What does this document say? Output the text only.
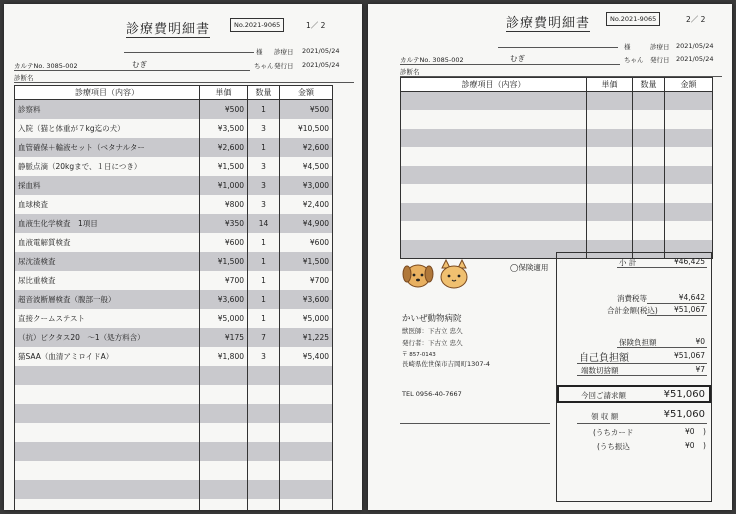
診療費明細書	No.2021-9065	1／ 2
様 診療日 2021/05/24
カルテNo. 3085-002	むぎ	ちゃん 発行日 2021/05/24
診断名
診療項目（内容）	単価	数量	金額
診察料	¥500	1	¥500
入院（猫と体重が７kg迄の犬）	¥3,500	3	¥10,500
血管確保＋輸液セット（ベタナルター	¥2,600	1	¥2,600
静脈点滴（20kgまで、１日につき）	¥1,500	3	¥4,500
採血料	¥1,000	3	¥3,000
血球検査	¥800	3	¥2,400
血液生化学検査　1項目	¥350	14	¥4,900
血液電解質検査	¥600	1	¥600
尿沈渣検査	¥1,500	1	¥1,500
尿比重検査	¥700	1	¥700
超音波断層検査（腹部一般）	¥3,600	1	¥3,600
直接クームステスト	¥5,000	1	¥5,000
（抗）ビクタス20　～1（処方料含）	¥175	7	¥1,225
猫SAA（血清アミロイドA）	¥1,800	3	¥5,400

診療費明細書	No.2021-9065	2／ 2
様	診療日 2021/05/24
カルテNo. 3085-002	むぎ	ちゃん 発行日 2021/05/24
診断名
診療項目（内容）	単価	数量	金額

◯保険適用
かいぜ動物病院
獣医師：下古立 忠久
発行者：下古立 忠久
〒 857-0143
長崎県佐世保市吉岡町1307-4
TEL 0956-40-7667
小 計	¥46,425
消費税等	¥4,642
合計金額(税込) ¥51,067
保険負担額	¥0
自己負担額	¥51,067
端数切捨額	¥7
今回ご請求額	¥51,060
領 収 額	¥51,060
(うちカード	¥0 )
(うち振込	¥0 )
